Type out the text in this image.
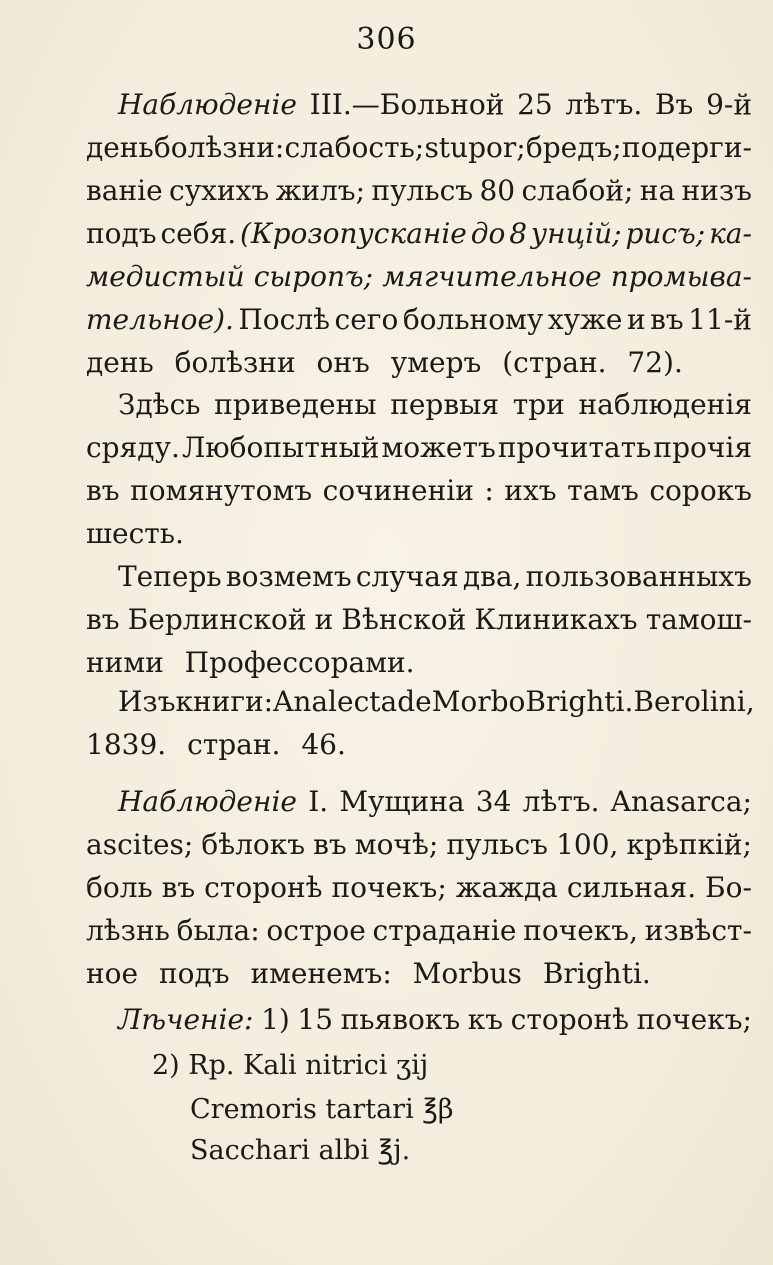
306
Наблюденіе III.—Больной 25 лѣтъ. Въ 9-й
день болѣзни: слабость; stupor; бредъ; подерги-
ваніе сухихъ жилъ; пульсъ 80 слабой; на низъ
подъ себя. (Крозопусканіе до 8 унцій; рисъ; ка-
медистый сыропъ; мягчительное промыва-
тельное). Послѣ сего больному хуже и въ 11-й
день болѣзни онъ умеръ (стран. 72).
Здѣсь приведены первыя три наблюденія
сряду. Любопытный можетъ прочитать прочія
въ помянутомъ сочиненіи : ихъ тамъ сорокъ
шесть.
Теперь возмемъ случая два, пользованныхъ
въ Берлинской и Вѣнской Клиникахъ тамош-
ними Профессорами.
Изъ книги: Analecta de Morbo Brighti. Berolini,
1839. стран. 46.
Наблюденіе I. Мущина 34 лѣтъ. Anasarca;
ascites; бѣлокъ въ мочѣ; пульсъ 100, крѣпкій;
боль въ сторонѣ почекъ; жажда сильная. Бо-
лѣзнь была: острое страданіе почекъ, извѣст-
ное подъ именемъ: Morbus Brighti.
Лѣченіе: 1) 15 пьявокъ къ сторонѣ почекъ;
2) Rp. Kali nitrici ʒij
Cremoris tartari ℥β
Sacchari albi ℥j.
